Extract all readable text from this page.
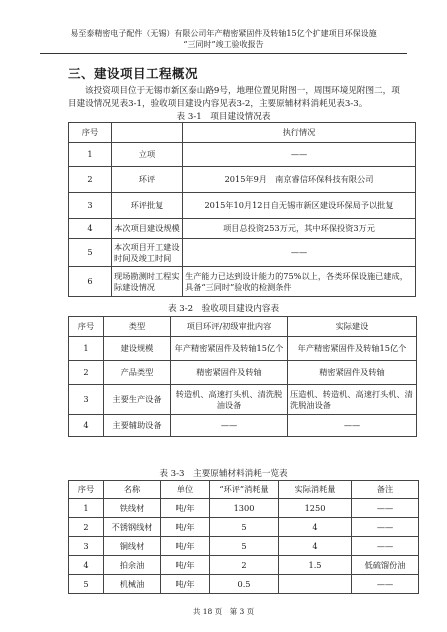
易至泰精密电子配件（无锡）有限公司年产精密紧固件及转轴15亿个扩建项目环保设施
“三同时”竣工验收报告
三、建设项目工程概况
该投资项目位于无锡市新区泰山路9号，地理位置见附图一，周围环境见附图二，项目建设情况见表3-1，验收项目建设内容见表3-2，主要原辅材料消耗见表3-3。
表 3-1　项目建设情况表
序号		执行情况
1	立项	——
2	环评	2015年9月　南京睿信环保科技有限公司
3	环评批复	2015年10月12日自无锡市新区建设环保局予以批复
4	本次项目建设规模	项目总投资253万元，其中环保投资3万元
5	本次项目开工建设时间及竣工时间	——
6	现场勘测时工程实际建设情况	生产能力已达到设计能力的75%以上，各类环保设施已建成，具备“三同时”验收的检测条件
表 3-2　验收项目建设内容表
序号	类型	项目环评/初级审批内容	实际建设
1	建设规模	年产精密紧固件及转轴15亿个	年产精密紧固件及转轴15亿个
2	产品类型	精密紧固件及转轴	精密紧固件及转轴
3	主要生产设备	转造机、高速打头机、清洗脱油设备	压造机、转造机、高速打头机、清洗脱油设备
4	主要辅助设备	——	——
表 3-3　主要原辅材料消耗一览表
序号	名称	单位	“环评”消耗量	实际消耗量	备注
1	铁线材	吨/年	1300	1250	——
2	不锈钢线材	吨/年	5	4	——
3	铜线材	吨/年	5	4	——
4	拍余油	吨/年	2	1.5	低硫馏份油
5	机械油	吨/年	0.5		——
共 18 页　第 3 页
